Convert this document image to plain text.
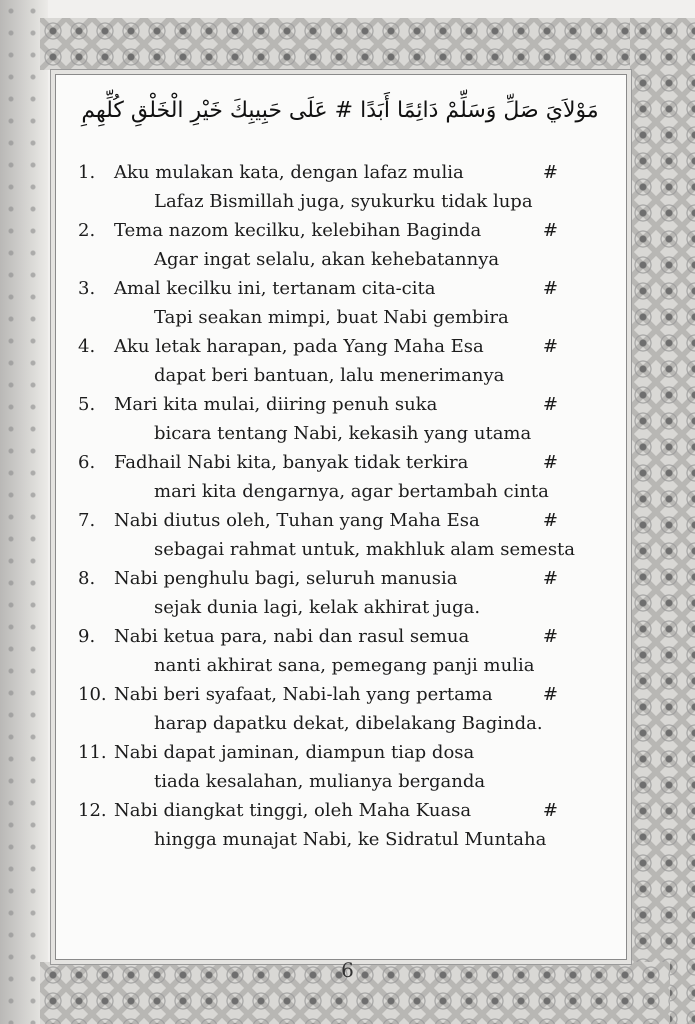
مَوْلاَيَ صَلِّ وَسَلِّمْ دَائِمًا أَبَدًا # عَلَى حَبِيبِكَ خَيْرِ الْخَلْقِ كُلِّهِمِ
1. Aku mulakan kata, dengan lafaz mulia	#
Lafaz Bismillah juga, syukurku tidak lupa
2. Tema nazom kecilku, kelebihan Baginda	#
Agar ingat selalu, akan kehebatannya
3. Amal kecilku ini, tertanam cita-cita	#
Tapi seakan mimpi, buat Nabi gembira
4. Aku letak harapan, pada Yang Maha Esa	#
dapat beri bantuan, lalu menerimanya
5. Mari kita mulai, diiring penuh suka	#
bicara tentang Nabi, kekasih yang utama
6. Fadhail Nabi kita, banyak tidak terkira	#
mari kita dengarnya, agar bertambah cinta
7. Nabi diutus oleh, Tuhan yang Maha Esa	#
sebagai rahmat untuk, makhluk alam semesta
8. Nabi penghulu bagi, seluruh manusia	#
sejak dunia lagi, kelak akhirat juga.
9. Nabi ketua para, nabi dan rasul semua	#
nanti akhirat sana, pemegang panji mulia
10. Nabi beri syafaat, Nabi-lah yang pertama	#
harap dapatku dekat, dibelakang Baginda.
11. Nabi dapat jaminan, diampun tiap dosa
tiada kesalahan, mulianya berganda
12. Nabi diangkat tinggi, oleh Maha Kuasa	#
hingga munajat Nabi, ke Sidratul Muntaha
6
